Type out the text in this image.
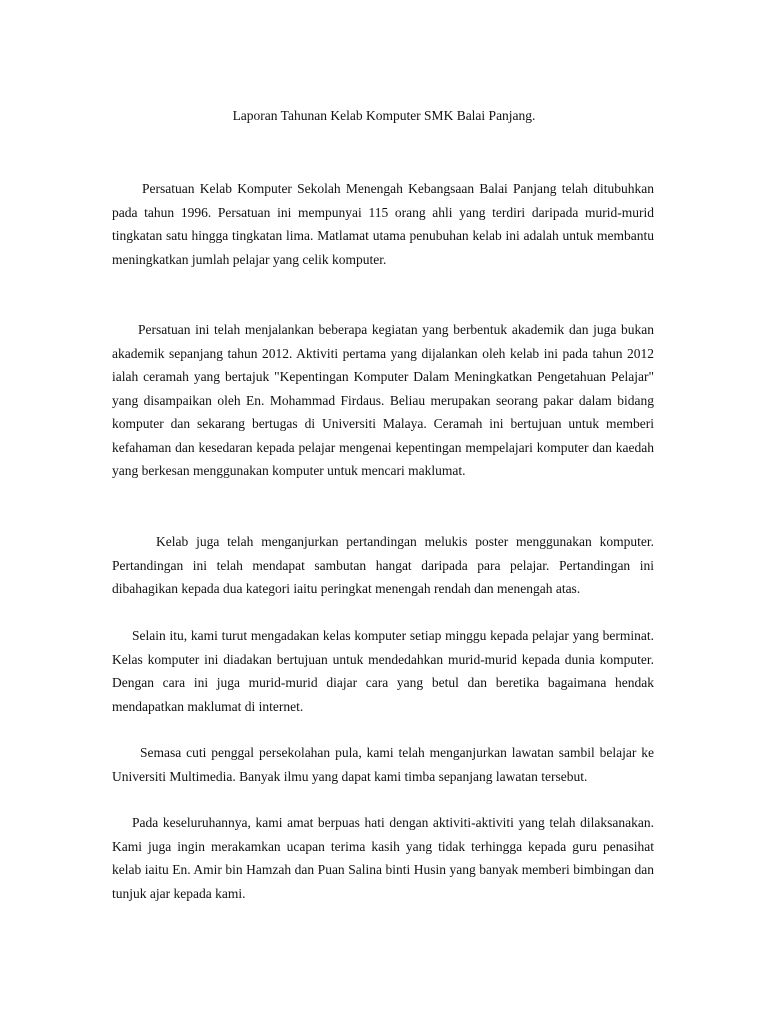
Laporan Tahunan Kelab Komputer SMK Balai Panjang.

Persatuan Kelab Komputer Sekolah Menengah Kebangsaan Balai Panjang telah ditubuhkan pada tahun 1996. Persatuan ini mempunyai 115 orang ahli yang terdiri daripada murid-murid tingkatan satu hingga tingkatan lima. Matlamat utama penubuhan kelab ini adalah untuk membantu meningkatkan jumlah pelajar yang celik komputer.

Persatuan ini telah menjalankan beberapa kegiatan yang berbentuk akademik dan juga bukan akademik sepanjang tahun 2012. Aktiviti pertama yang dijalankan oleh kelab ini pada tahun 2012 ialah ceramah yang bertajuk "Kepentingan Komputer Dalam Meningkatkan Pengetahuan Pelajar" yang disampaikan oleh En. Mohammad Firdaus. Beliau merupakan seorang pakar dalam bidang komputer dan sekarang bertugas di Universiti Malaya. Ceramah ini bertujuan untuk memberi kefahaman dan kesedaran kepada pelajar mengenai kepentingan mempelajari komputer dan kaedah yang berkesan menggunakan komputer untuk mencari maklumat.

Kelab juga telah menganjurkan pertandingan melukis poster menggunakan komputer. Pertandingan ini telah mendapat sambutan hangat daripada para pelajar. Pertandingan ini dibahagikan kepada dua kategori iaitu peringkat menengah rendah dan menengah atas.

Selain itu, kami turut mengadakan kelas komputer setiap minggu kepada pelajar yang berminat. Kelas komputer ini diadakan bertujuan untuk mendedahkan murid-murid kepada dunia komputer. Dengan cara ini juga murid-murid diajar cara yang betul dan beretika bagaimana hendak mendapatkan maklumat di internet.

Semasa cuti penggal persekolahan pula, kami telah menganjurkan lawatan sambil belajar ke Universiti Multimedia. Banyak ilmu yang dapat kami timba sepanjang lawatan tersebut.

Pada keseluruhannya, kami amat berpuas hati dengan aktiviti-aktiviti yang telah dilaksanakan. Kami juga ingin merakamkan ucapan terima kasih yang tidak terhingga kepada guru penasihat kelab iaitu En. Amir bin Hamzah dan Puan Salina binti Husin yang banyak memberi bimbingan dan tunjuk ajar kepada kami.
